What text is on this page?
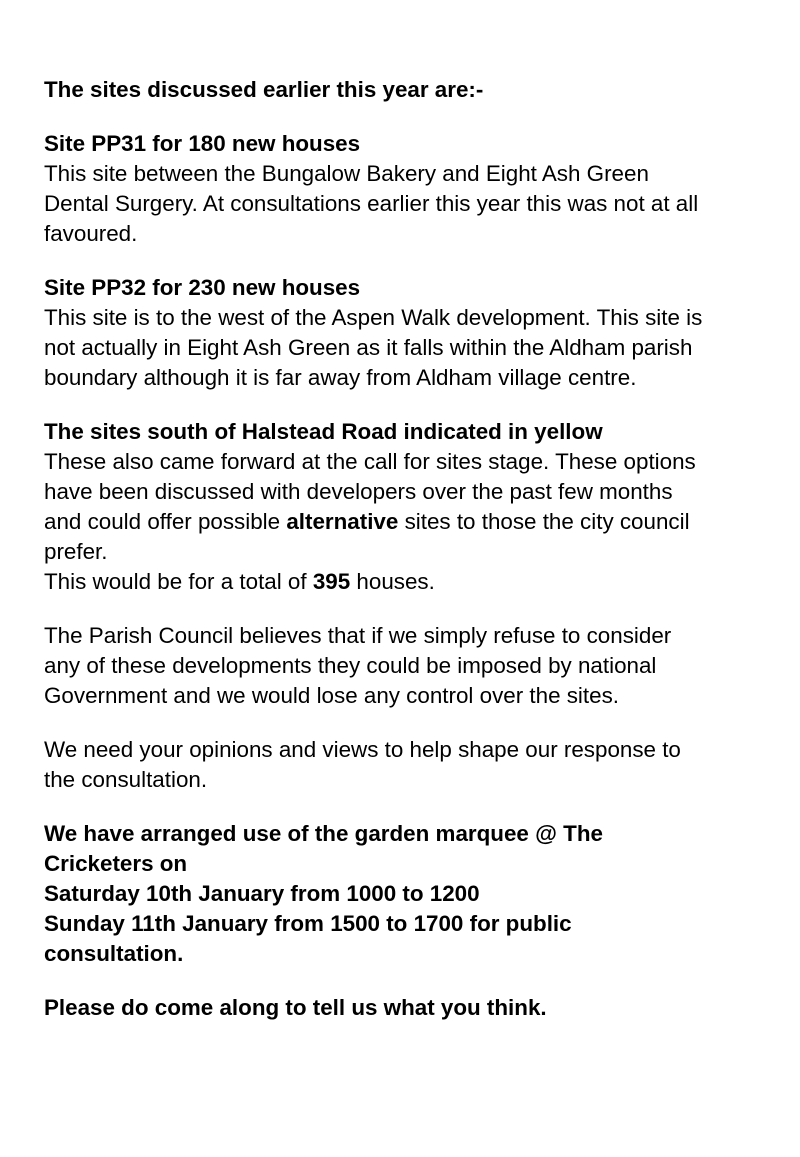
The sites discussed earlier this year are:-
Site PP31 for 180 new houses
This site between the Bungalow Bakery and Eight Ash Green
Dental Surgery. At consultations earlier this year this was not at all
favoured.
Site PP32 for 230 new houses
This site is to the west of the Aspen Walk development. This site is
not actually in Eight Ash Green as it falls within the Aldham parish
boundary although it is far away from Aldham village centre.
The sites south of Halstead Road indicated in yellow
These also came forward at the call for sites stage. These options
have been discussed with developers over the past few months
and could offer possible alternative sites to those the city council
prefer.
This would be for a total of 395 houses.
The Parish Council believes that if we simply refuse to consider
any of these developments they could be imposed by national
Government and we would lose any control over the sites.
We need your opinions and views to help shape our response to
the consultation.
We have arranged use of the garden marquee @ The
Cricketers on
Saturday 10th January from 1000 to 1200
Sunday 11th January from 1500 to 1700 for public
consultation.
Please do come along to tell us what you think.
